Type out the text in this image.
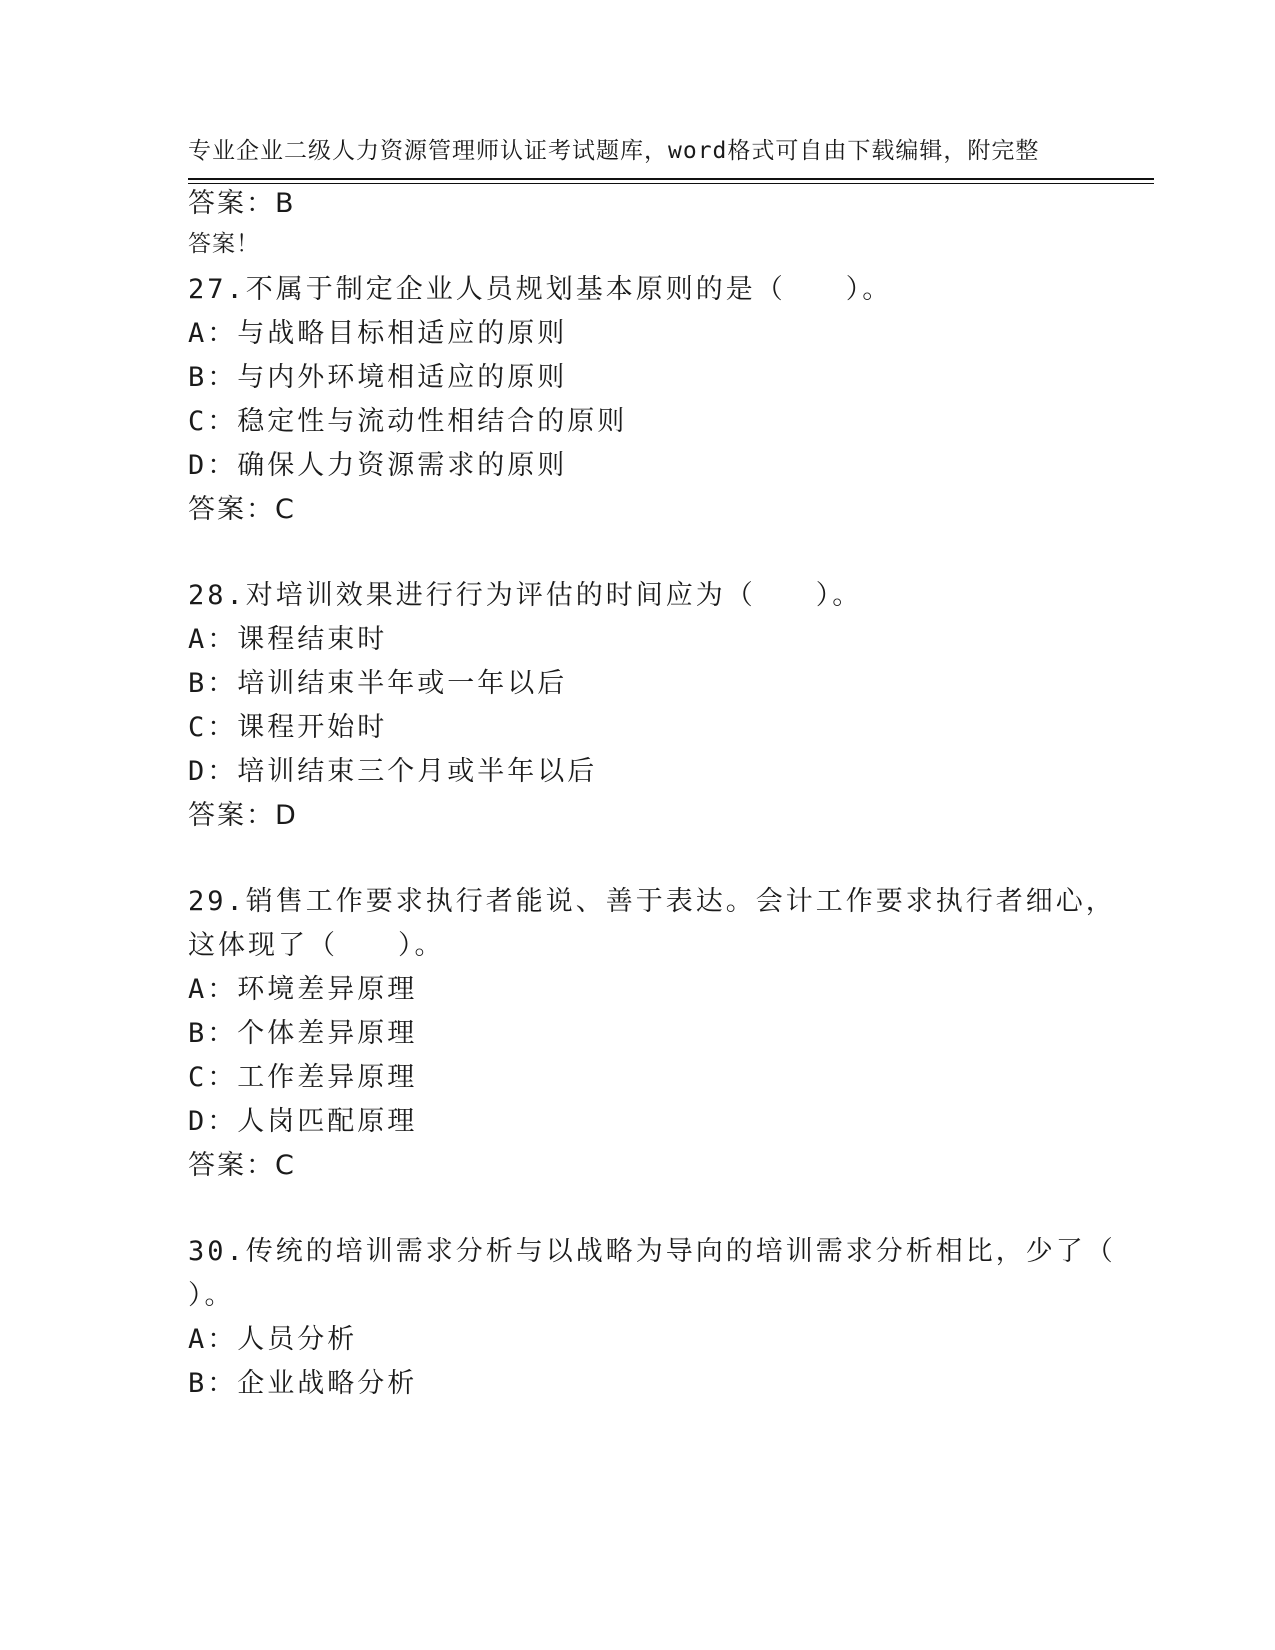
专业企业二级人力资源管理师认证考试题库，word格式可自由下载编辑，附完整

答案！

答案：B
27.不属于制定企业人员规划基本原则的是（　　）。
A：与战略目标相适应的原则
B：与内外环境相适应的原则
C：稳定性与流动性相结合的原则
D：确保人力资源需求的原则
答案：C
28.对培训效果进行行为评估的时间应为（　　）。
A：课程结束时
B：培训结束半年或一年以后
C：课程开始时
D：培训结束三个月或半年以后
答案：D
29.销售工作要求执行者能说、善于表达。会计工作要求执行者细心，
这体现了（　　）。
A：环境差异原理
B：个体差异原理
C：工作差异原理
D：人岗匹配原理
答案：C
30.传统的培训需求分析与以战略为导向的培训需求分析相比，少了（
）。
A：人员分析
B：企业战略分析
